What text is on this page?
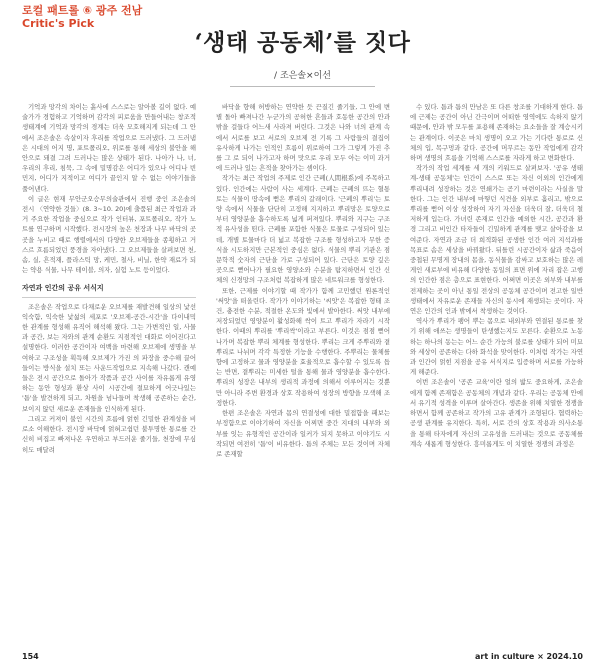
로컬 패트롤 ⑥ 광주 전남
Critic's Pick
‘생태 공동체’를 짓다
/ 조은솔×이선

기억과 망각의 차이는 흙사에 스스로는 알아볼 길이 없다. 예술가가 경험하고 기억하며 감각의 피로움을 만들어내는 창조적 생태계에 기억과 망각의 경계는 더욱 모호해지게 되는데 그 안에서 조은솔은 속살이자 후리를 작업으로 드러냈다. 그 드러냄은 시대의 어지 명, 포트폴리오, 위로를 통해 세상의 불안을 해안으로 돼결 그려 드러나는 많은 상태가 된다. 나아가 나, 너, 우리의 후리, 침묵, 그 속에 밀명감은 어디가 있으나 어디나 빈민지, 어디가 지적이고 여디가 끝인지 알 수 없는 이야기들을 풀어낸다.

이 글은 현재 무안군오승무의술관에서 진행 중인 조은솔의 전시 〈연약한 것들〉(8. 3~10. 20)에 출품된 최근 작업과 과거 주요한 작업을 중심으로 작가 인터뷰, 포트폴리오, 작가 노트를 연구하며 시작했다. 전시장의 높은 천장과 나무 바닥의 곳곳을 누비고 때로 행렬에서의 다양한 오브제들을 종횡하고 거스르 흐름되었던 풍경을 자아냈다. 그 오브제들을 살펴보면 천, 솜, 실, 흔적재, 플라스틱 망, 케민, 철사, 비닐, 한약 재료가 되는 약용 식물, 나무 테이블, 의자, 실험 노트 등이었다.

자연과 인간의 공유 서식지

조은솔은 작업으로 다채로운 오브제를 재발견해 일상의 낯선 익숙함, 익숙한 낯섦의 세포로 '오브제-공간-시간'을 다이내믹한 관계를 형성해 유직어 해석해 왔다. 그는 가변적인 일, 사물과 공간, 보는 자와의 관계 순환도 지점적인 대화로 이어진다고 설명한다. 이러한 공간이자 여백을 마련해 오브제에 생명을 부여하고 구조성을 획득해 오브제가 가진 의 파장을 중수해 끌어들이는 방식을 설치 또는 사운드작업으로 지속해 나갔다. 캔예들은 전시 공간으로 돌아가 작품과 공간 사이를 자유롭게 유영하는 동안 형성과 환상 사이 시공간에 절묘하게 어긋나있는 '틈'을 발견하게 되고, 차원을 넘나들며 착생해 공존하는 순간, 보이지 않던 새로운 존재들을 인식하게 된다.

그리고 커져이 불인 시간의 흐름에 얽힌 긴밀한 관계성을 비로소 이해한다. 전시장 바닥에 얽혀고쉽던 불투명한 통로를 간신히 비집고 빠져나온 우연하고 부드러운 줄기들, 천장에 무심히도 매달려

바닥을 향해 허방하는 연약한 듯 끈질긴 줄기들, 그 안에 변별 돌아 빠져나간 누군가의 공허한 흔들과 호동한 공간의 안과 밖을 걸들다 어느새 사라져 버린다. 그것은 나와 너의 관계 속에서 서로를 보고 서로의 오브제 전 기록 그 사람들의 결집이 유사하게 나가는 인적인 흐름이 위로하여 그가 그렇게 가진 추를 그 로 되이 나가고자 하며 맛으로 우리 모두 아는 이미 과거에 드러나 있는 흔적을 찾아가는 셈이다.

작가는 최근 작업의 주제로 인간 근폐(人間根系)에 주목하고 있다. 인간에는 사람이 사는 세계다. 근폐는 근폐의 뜨는 혈통 토는 식물이 땅속에 뻗은 뿌리의 갈래이다. '근폐의 뿌리'는 토양 속에서 식물을 단단히 고정해 지지하고 뿌리망은 토양으로부터 영양분을 흡수하도록 넓게 퍼져있다. 뿌리와 지구는 구조적 유사성을 띤다. 근폐를 포함한 식물은 토물로 구성되어 있는데, 개별 토물마다 더 넓고 복잡한 구조를 형성하고자 무한 증식을 시도하지만 근본적인 중심은 없다. 식물의 뿌리 기관은 점문학적 숫자의 근단을 가로 구성되어 있다. 근단은 토양 깊은 곳으로 뻗어나가 필요한 영양소와 수분을 탐지하면서 인간 신체의 신경망의 구조처럼 복잡하게 많은 네트워크를 형성한다.

또한, 근제를 이야기할 때 작가가 함께 고민했던 원론적인 '써앗'을 떠올린다. 작가가 이야기하는 '씨앗'은 복잡한 형태 조건, 충전한 수분, 적절한 온도와 빛에서 발아한다. 써앗 내부에 저장되었던 영양분이 활성화해 싹이 트고 뿌리가 자라기 시작한다. 이때의 뿌리를 '뿌리싹'이라고 부른다. 이것은 점점 뻗어나가며 복잡한 뿌리 체계를 형성한다. 뿌리는 크게 주뿌리와 곁뿌리로 나뉘며 각각 특정한 기능을 수행한다. 주뿌리는 물체를 향에 고정하고 물과 영양분을 효율적으로 흡수할 수 있도록 돕는 반면, 곁뿌리는 미세한 털을 통해 물과 영양분을 흡수한다. 뿌리의 성장은 내부의 생리적 과정에 의해서 이루어지는 것뿐만 아니라 주변 환경과 상호 작용하여 성장의 방향을 모색해 조정한다.

한편 조은솔은 자연과 몸의 연결성에 대한 밀접함을 패보는 부정함으로 이야기하여 자신을 어찌면 중간 지대의 내부와 외부를 잇는 유형적인 공간이라 일커가 되지 못하고 이야기도 시작되면 여전히 '틈'이 비유한다. 틈의 주체는 모든 것이며 자체로 존재할

수 있다. 틈과 틈의 만남은 또 다른 창조를 기대하게 한다. 틈에 근제는 공간이 아닌 간극이며 어떠한 영역에도 속하지 않기 때문에, 안과 밖 모두를 포용해 존재하는 요소들을 잘 계승시키는 관계이다. 이곳은 마치 생명이 오고 가는 기다란 통로로 신체의 입, 목구멍과 같다. 공간에 머무르는 동안 작업에게 감각하며 생명의 흐름을 기억해 스스로를 자라게 하고 변화한다.

작가의 작업 세계를 세 개의 키워드로 살펴보자. '공유 생태계-생태 공동체'는 인간이 스스로 또는 자신 이외의 인간에게 뿌리내려 성장하는 것은 연쇄가는 곧기 마련이라는 사실을 말한다. 그는 인간 내부에 마떻던 식견을 외부로 흘리고, 밖으로 뿌리를 뻗어 이상 성장하여 자기 자신을 더욱더 잘, 더욱더 철저하게 입는다. 가녀린 존재로 인간을 예외한 시간, 공간과 환경 그리고 비인간 타자들이 긴밀하게 관계를 맺고 살아감을 보여준다. 자연과 조금 더 희적화된 공생한 인간 여러 지석과를 목표로 솜은 세상을 바꿔왔다. 뒤틀린 시공간이자 삶과 죽음이 중첩된 무명게 장내의 몸을, 동식물을 감싸고 보호하는 많은 레게인 새로부에 비유해 다양한 동일의 표면 위에 자리 잡은 고행의 인간한 점은 층으로 표현한다. 어쩌면 이곳은 외부와 내부를 전제하는 곳이 아닌 통일 전상의 공동체 공간이며 전고한 일반 생태에서 자유로운 존재들 자신의 동시에 재생되는 곳이다. 자연은 인간의 인과 밖에서 착생하는 것이다.

역사가 뿌리가 팽어 뿌는 몸으로 내외부와 연결된 통로를 찾기 위해 애쓰는 생명들이 탄생했는지도 모른다. 순환으로 노동하는 하나의 동는는 어느 순간 가능의 불로를 상태가 되어 미묘와 세상이 공존하는 다하 화석을 맞이한다. 이처럼 작가는 자연과 인간이 얽힌 지점을 공유 서식지로 입증하며 서로를 가능하게 해준다.

이번 조은솔이 '공존 교육'이란 얼의 밟도 중요하게, 조은솔에게 함께 존재함은 공동체의 개념과 같다. 우리는 공동체 안에서 유기적 성격을 이루며 살아간다. 생존을 위해 치열한 경쟁을 하면서 함께 공존하고 작가의 고유 관계가 조형된다. 협력하는 공생 관계를 유지한다. 특히, 서로 간의 상호 작용과 의사소통을 통해 타자에게 자신의 고유성을 드러내는 것으로 공동체를 계속 새롭게 형성한다. 흥미롭게도 이 치열한 경쟁의 과정은

154	art in culture × 2024.10
